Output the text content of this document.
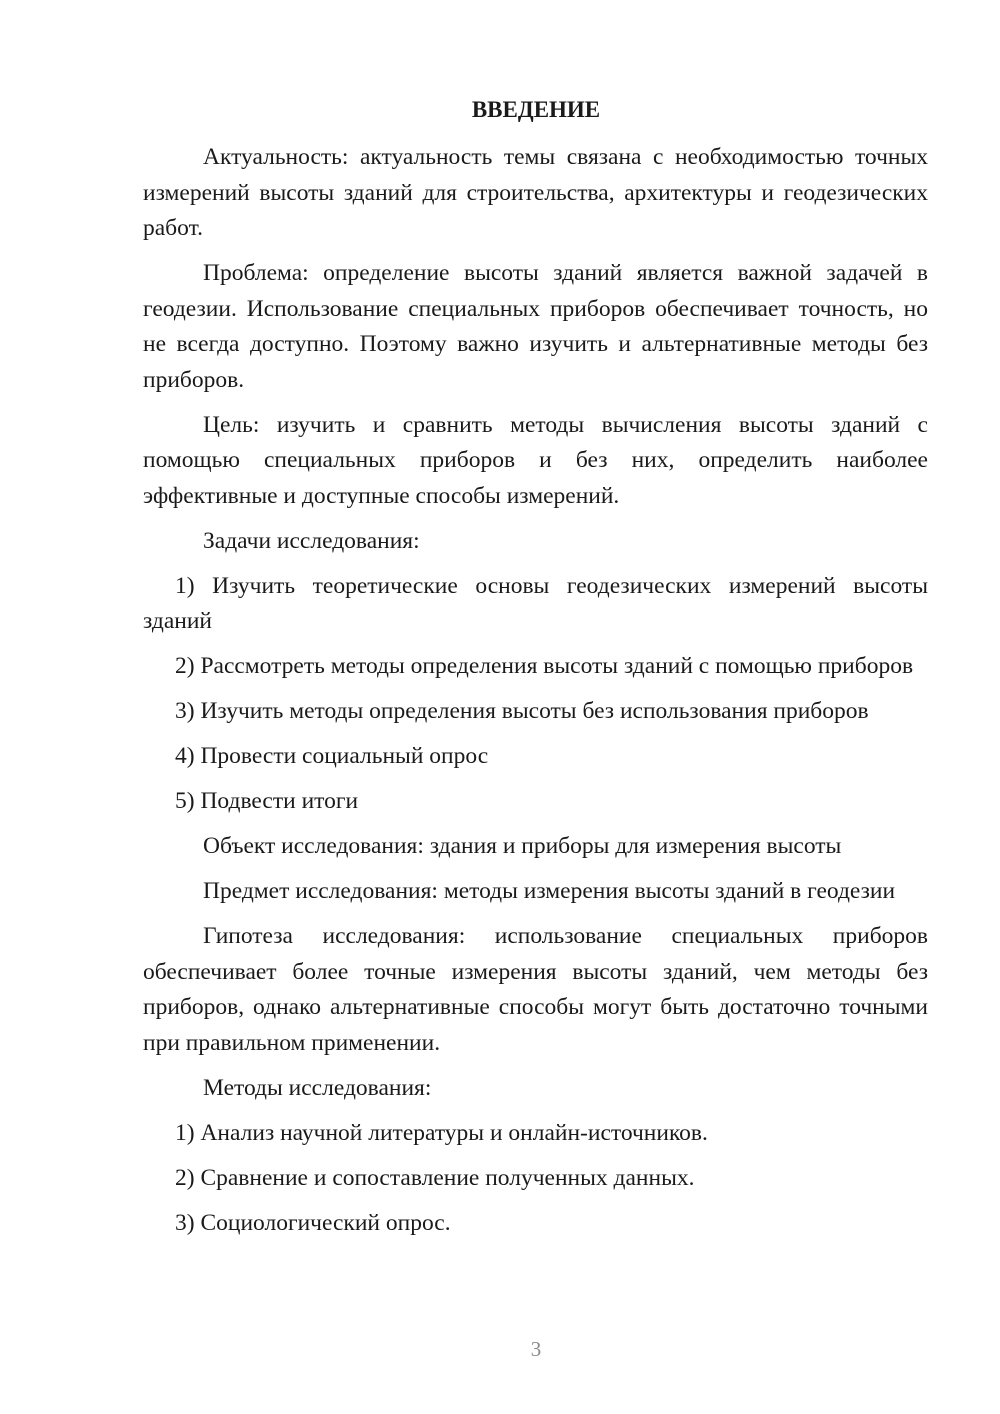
ВВЕДЕНИЕ

Актуальность: актуальность темы связана с необходимостью точных измерений высоты зданий для строительства, архитектуры и геодезических работ.

Проблема: определение высоты зданий является важной задачей в геодезии. Использование специальных приборов обеспечивает точность, но не всегда доступно. Поэтому важно изучить и альтернативные методы без приборов.

Цель: изучить и сравнить методы вычисления высоты зданий с помощью специальных приборов и без них, определить наиболее эффективные и доступные способы измерений.

Задачи исследования:

1) Изучить теоретические основы геодезических измерений высоты зданий

2) Рассмотреть методы определения высоты зданий с помощью приборов

3) Изучить методы определения высоты без использования приборов

4) Провести социальный опрос

5) Подвести итоги

Объект исследования: здания и приборы для измерения высоты

Предмет исследования: методы измерения высоты зданий в геодезии

Гипотеза исследования: использование специальных приборов обеспечивает более точные измерения высоты зданий, чем методы без приборов, однако альтернативные способы могут быть достаточно точными при правильном применении.

Методы исследования:

1) Анализ научной литературы и онлайн-источников.

2) Сравнение и сопоставление полученных данных.

3) Социологический опрос.

3
